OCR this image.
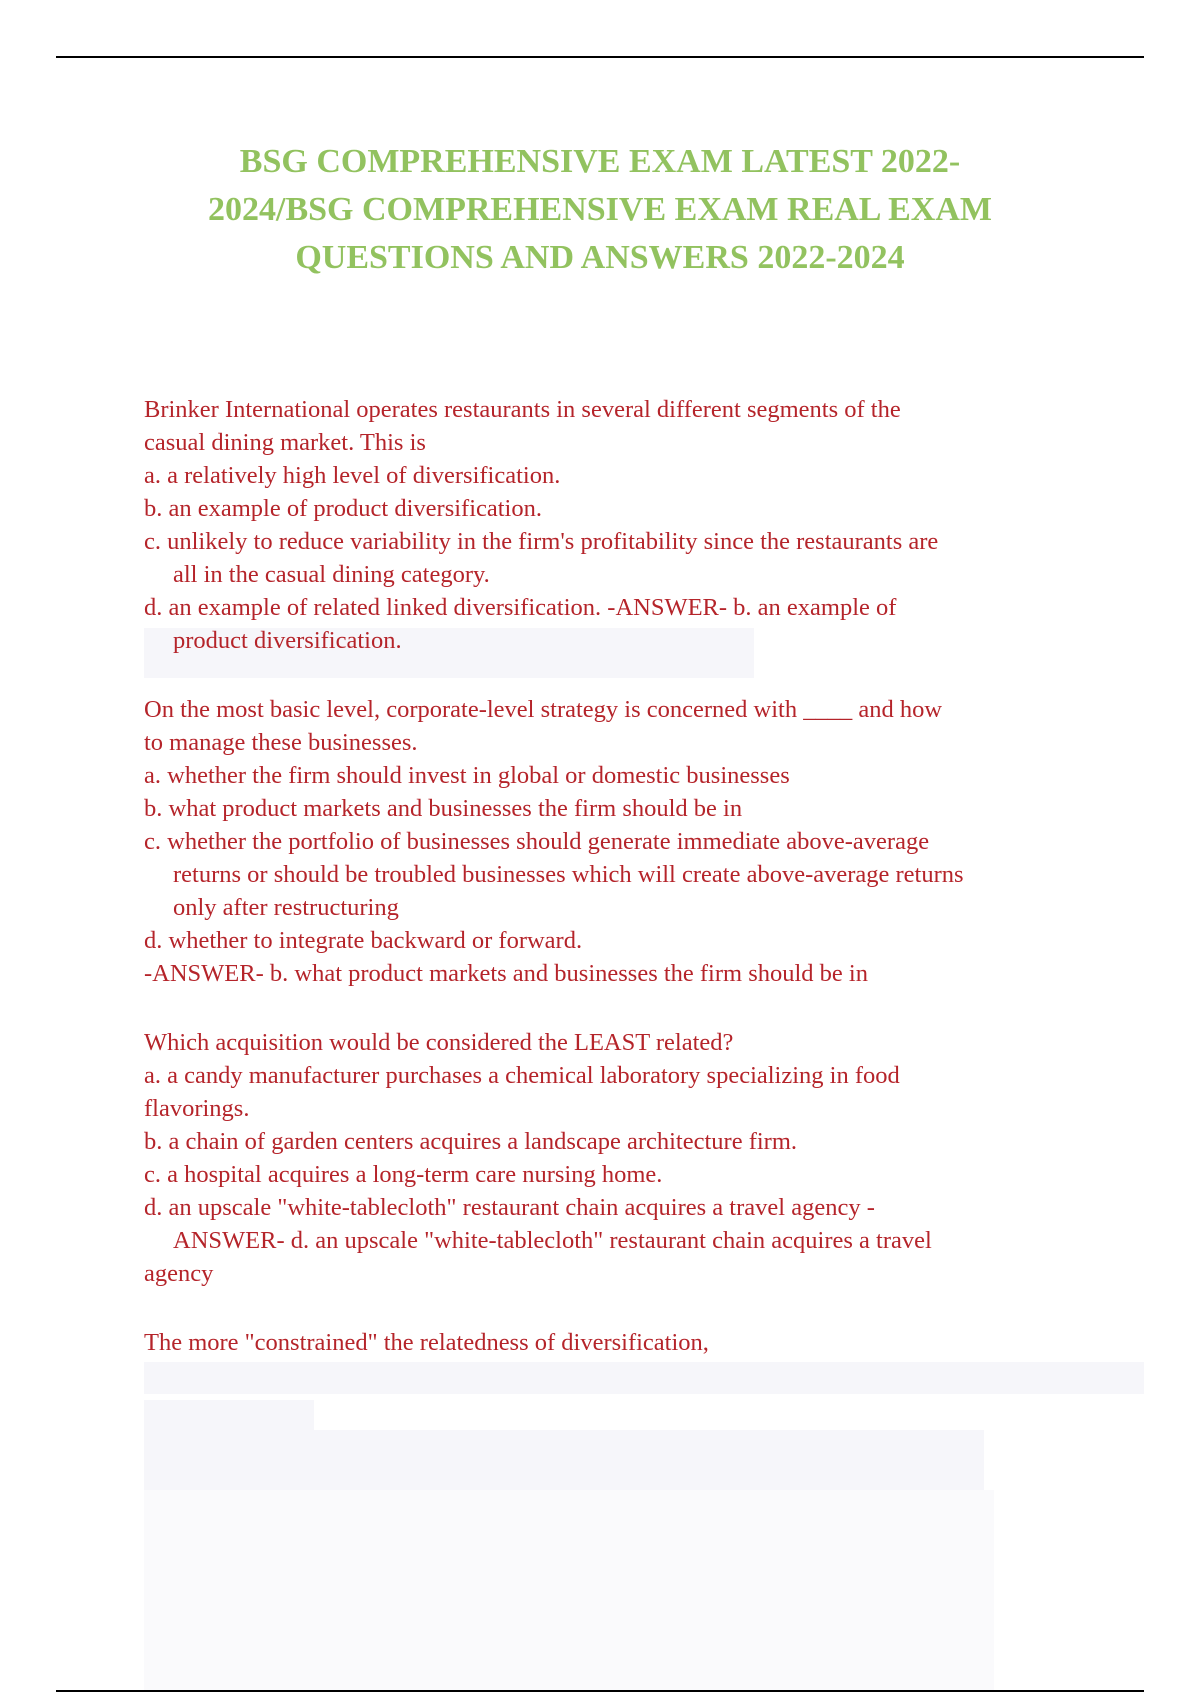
BSG COMPREHENSIVE EXAM LATEST 2022-
2024/BSG COMPREHENSIVE EXAM REAL EXAM
QUESTIONS AND ANSWERS 2022-2024
Brinker International operates restaurants in several different segments of the
casual dining market. This is
a. a relatively high level of diversification.
b. an example of product diversification.
c. unlikely to reduce variability in the firm's profitability since the restaurants are
all in the casual dining category.
d. an example of related linked diversification. -ANSWER- b. an example of
product diversification.
On the most basic level, corporate-level strategy is concerned with ____ and how
to manage these businesses.
a. whether the firm should invest in global or domestic businesses
b. what product markets and businesses the firm should be in
c. whether the portfolio of businesses should generate immediate above-average
returns or should be troubled businesses which will create above-average returns
only after restructuring
d. whether to integrate backward or forward.
-ANSWER- b. what product markets and businesses the firm should be in
Which acquisition would be considered the LEAST related?
a. a candy manufacturer purchases a chemical laboratory specializing in food
flavorings.
b. a chain of garden centers acquires a landscape architecture firm.
c. a hospital acquires a long-term care nursing home.
d. an upscale "white-tablecloth" restaurant chain acquires a travel agency -
ANSWER- d. an upscale "white-tablecloth" restaurant chain acquires a travel
agency
The more "constrained" the relatedness of diversification,
